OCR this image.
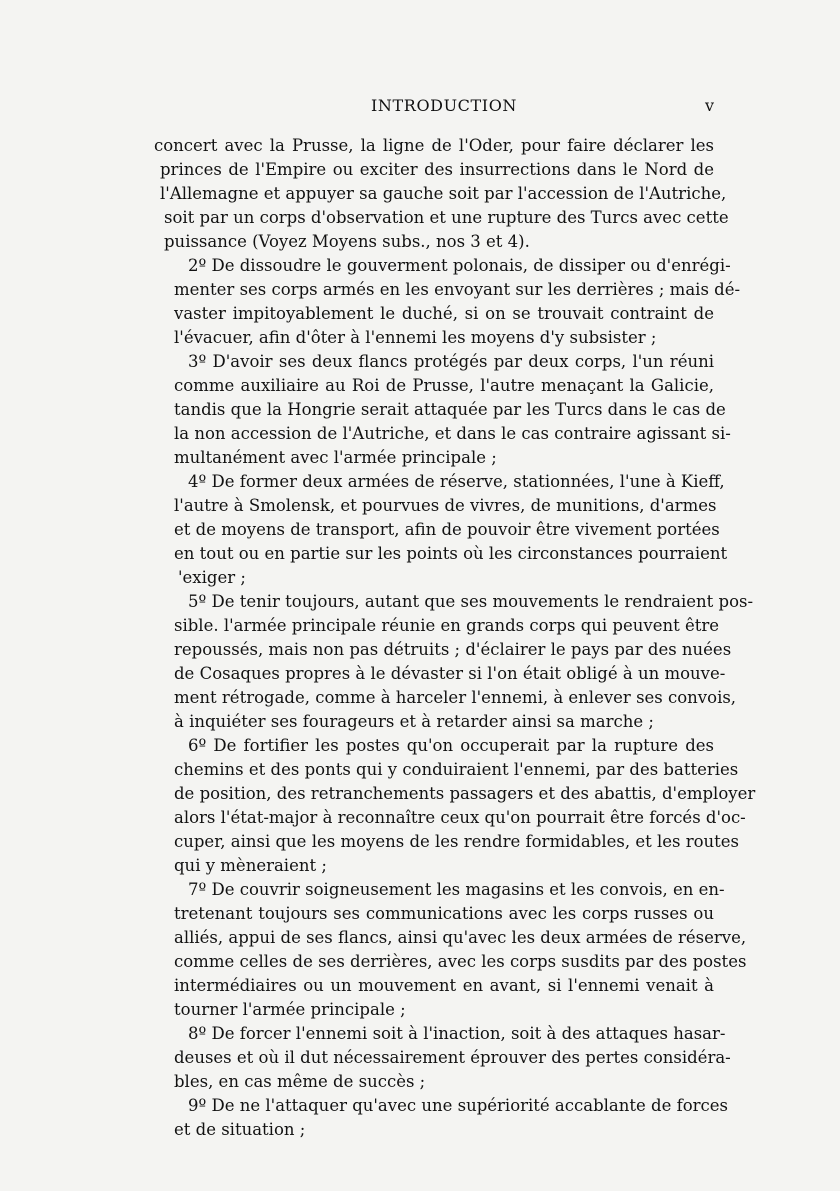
INTRODUCTION	v
concert avec la Prusse, la ligne de l'Oder, pour faire déclarer les
princes de l'Empire ou exciter des insurrections dans le Nord de
l'Allemagne et appuyer sa gauche soit par l'accession de l'Autriche,
soit par un corps d'observation et une rupture des Turcs avec cette
puissance (Voyez Moyens subs., nos 3 et 4).
2º De dissoudre le gouverment polonais, de dissiper ou d'enrégi-
menter ses corps armés en les envoyant sur les derrières ; mais dé-
vaster impitoyablement le duché, si on se trouvait contraint de
l'évacuer, afin d'ôter à l'ennemi les moyens d'y subsister ;
3º D'avoir ses deux flancs protégés par deux corps, l'un réuni
comme auxiliaire au Roi de Prusse, l'autre menaçant la Galicie,
tandis que la Hongrie serait attaquée par les Turcs dans le cas de
la non accession de l'Autriche, et dans le cas contraire agissant si-
multanément avec l'armée principale ;
4º De former deux armées de réserve, stationnées, l'une à Kieff,
l'autre à Smolensk, et pourvues de vivres, de munitions, d'armes
et de moyens de transport, afin de pouvoir être vivement portées
en tout ou en partie sur les points où les circonstances pourraient
'exiger ;
5º De tenir toujours, autant que ses mouvements le rendraient pos-
sible. l'armée principale réunie en grands corps qui peuvent être
repoussés, mais non pas détruits ; d'éclairer le pays par des nuées
de Cosaques propres à le dévaster si l'on était obligé à un mouve-
ment rétrogade, comme à harceler l'ennemi, à enlever ses convois,
à inquiéter ses fourageurs et à retarder ainsi sa marche ;
6º De fortifier les postes qu'on occuperait par la rupture des
chemins et des ponts qui y conduiraient l'ennemi, par des batteries
de position, des retranchements passagers et des abattis, d'employer
alors l'état-major à reconnaître ceux qu'on pourrait être forcés d'oc-
cuper, ainsi que les moyens de les rendre formidables, et les routes
qui y mèneraient ;
7º De couvrir soigneusement les magasins et les convois, en en-
tretenant toujours ses communications avec les corps russes ou
alliés, appui de ses flancs, ainsi qu'avec les deux armées de réserve,
comme celles de ses derrières, avec les corps susdits par des postes
intermédiaires ou un mouvement en avant, si l'ennemi venait à
tourner l'armée principale ;
8º De forcer l'ennemi soit à l'inaction, soit à des attaques hasar-
deuses et où il dut nécessairement éprouver des pertes considéra-
bles, en cas même de succès ;
9º De ne l'attaquer qu'avec une supériorité accablante de forces
et de situation ;
